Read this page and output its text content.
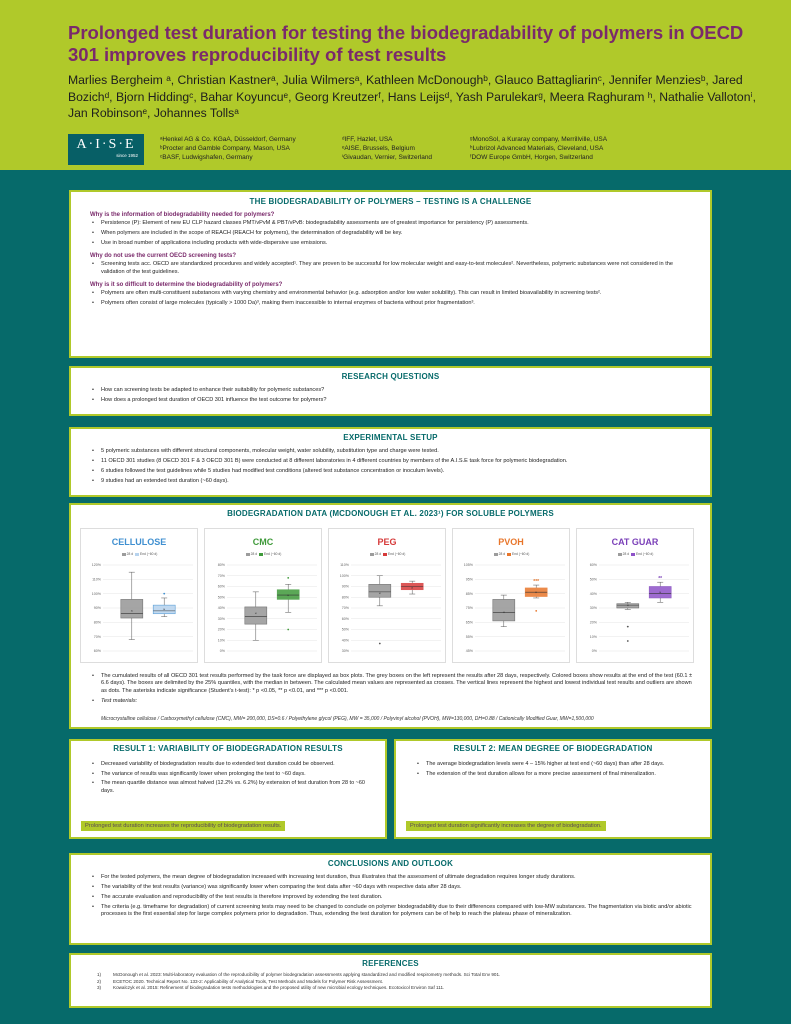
Prolonged test duration for testing the biodegradability of polymers in OECD 301 improves reproducibility of test results
Marlies Bergheim ᵃ, Christian Kastnerᵃ, Julia Wilmersᵃ, Kathleen McDonoughᵇ, Glauco Battagliarinᶜ, Jennifer Menziesᵇ, Jared Bozichᵈ, Bjorn Hiddingᶜ, Bahar Koyuncuᵉ, Georg Kreutzerᶠ, Hans Leijsᵈ, Yash Parulekarᵍ, Meera Raghuram ʰ, Nathalie Vallotonⁱ, Jan Robinsonᵉ, Johannes Tollsᵃ
A·I·S·E
since 1952
ᵃHenkel AG & Co. KGaA, Düsseldorf, Germany
ᵇProcter and Gamble Company, Mason, USA
ᶜBASF, Ludwigshafen, Germany
ᵈIFF, Hazlet, USA
ᵉAISE, Brussels, Belgium
ⁱGivaudan, Vernier, Switzerland
ᵍMonoSol, a Kuraray company, Merrillville, USA
ʰLubrizol Advanced Materials, Cleveland, USA
ᶠDOW Europe GmbH, Horgen, Switzerland
THE BIODEGRADABILITY OF POLYMERS – TESTING IS A CHALLENGE
Why is the information of biodegradability needed for polymers?
• Persistence (P): Element of new EU CLP hazard classes PMT/vPvM & PBT/vPvB: biodegradability assessments are of greatest importance for persistency (P) assessments.
• When polymers are included in the scope of REACH (REACH for polymers), the determination of degradability will be key.
• Use in broad number of applications including products with wide-dispersive use emissions.
Why do not use the current OECD screening tests?
• Screening tests acc. OECD are standardized procedures and widely accepted¹. They are proven to be successful for low molecular weight and easy-to-test molecules². Nevertheless, polymeric substances were not considered in the validation of the test guidelines.
Why is it so difficult to determine the biodegradability of polymers?
• Polymers are often multi-constituent substances with varying chemistry and environmental behavior (e.g. adsorption and/or low water solubility). This can result in limited bioavailability in screening tests².
• Polymers often consist of large molecules (typically > 1000 Da)³, making them inaccessible to internal enzymes of bacteria without prior fragmentation³.
RESEARCH QUESTIONS
• How can screening tests be adapted to enhance their suitability for polymeric substances?
• How does a prolonged test duration of OECD 301 influence the test outcome for polymers?
EXPERIMENTAL SETUP
• 5 polymeric substances with different structural components, molecular weight, water solubility, substitution type and charge were tested.
• 11 OECD 301 studies (8 OECD 301 F & 3 OECD 301 B) were conducted at 8 different laboratories in 4 different countries by members of the A.I.S.E task force for polymeric biodegradation.
• 6 studies followed the test guidelines while 5 studies had modified test conditions (altered test substance concentration or inoculum levels).
• 9 studies had an extended test duration (~60 days).
BIODEGRADATION DATA (MCDONOUGH ET AL. 2023¹) FOR SOLUBLE POLYMERS
• The cumulated results of all OECD 301 test results performed by the task force are displayed as box plots. The grey boxes on the left represent the results after 28 days, respectively. Colored boxes show results at the end of the test (60.1 ± 6.6 days). The boxes are delimited by the 25% quantiles, with the median in between. The calculated mean values are represented as crosses. The vertical lines represent the highest and lowest individual test results and outliers are shown as dots. The asterisks indicate significance (Student's t-test): * p <0.05, ** p <0.01, and *** p <0.001.
• Test materials:
Microcrystalline cellulose / Carboxymethyl cellulose (CMC), MW= 200,000, DS=0.6 / Polyethylene glycol (PEG), MW = 35,000 / Polyvinyl alcohol (PVOH), MW=130,000, DH=0.88 / Cationically Modified Guar, MW=1,500,000
CELLULOSE
28 d End (~60 d)
120%
110%
100%
90%
80%
70%
60%
×	×
CMC
28 d End (~60 d)
80%
70%
60%
50%
40%
30%
20%
10%
0%
×
×
PEG
28 d End (~60 d)
110%
100%
90%
80%
70%
60%
50%
40%
30%
×
×
PVOH
28 d End (~60 d)
105%
95%
85%
75%
65%
55%
45%
×
×
***
CAT GUAR
28 d End (~60 d)
60%
50%
40%
30%
20%
10%
0%
×
×
**
RESULT 1: VARIABILITY OF BIODEGRADATION RESULTS
• Decreased variability of biodegradation results due to extended test duration could be observed.
• The variance of results was significantly lower when prolonging the test to ~60 days.
• The mean quartile distance was almost halved (12.2% vs. 6.2%) by extension of test duration from 28 to ~60 days.
Prolonged test duration increases the reproducibility of biodegradation results.
RESULT 2: MEAN DEGREE OF BIODEGRADATION
• The average biodegradation levels were 4 – 15% higher at test end (~60 days) than after 28 days.
• The extension of the test duration allows for a more precise assessment of final mineralization.
Prolonged test duration significantly increases the degree of biodegradation.
CONCLUSIONS AND OUTLOOK
• For the tested polymers, the mean degree of biodegradation increased with increasing test duration, thus illustrates that the assessment of ultimate degradation requires longer study durations.
• The variability of the test results (variance) was significantly lower when comparing the test data after ~60 days with respective data after 28 days.
• The accurate evaluation and reproducibility of the test results is therefore improved by extending the test duration.
• The criteria (e.g. timeframe for degradation) of current screening tests may need to be changed to conclude on polymer biodegradability due to their differences compared with low-MW substances. The fragmentation via biotic and/or abiotic processes is the first essential step for large complex polymers prior to degradation. Thus, extending the test duration for polymers can be of help to reach the plateau phase of mineralization.
REFERENCES
1)	McDonough et al. 2023: Multi-laboratory evaluation of the reproducibility of polymer biodegradation assessments applying standardized and modified respirometry methods. Sci Total Env 901.
2)	ECETOC 2020. Technical Report No. 133-2: Applicability of Analytical Tools, Test Methods and Models for Polymer Risk Assessment.
3)	Kowalczyk et al. 2015: Refinement of biodegradation tests methodologies and the proposed utility of new microbial ecology techniques. Ecotoxicol Environ Saf 111.
